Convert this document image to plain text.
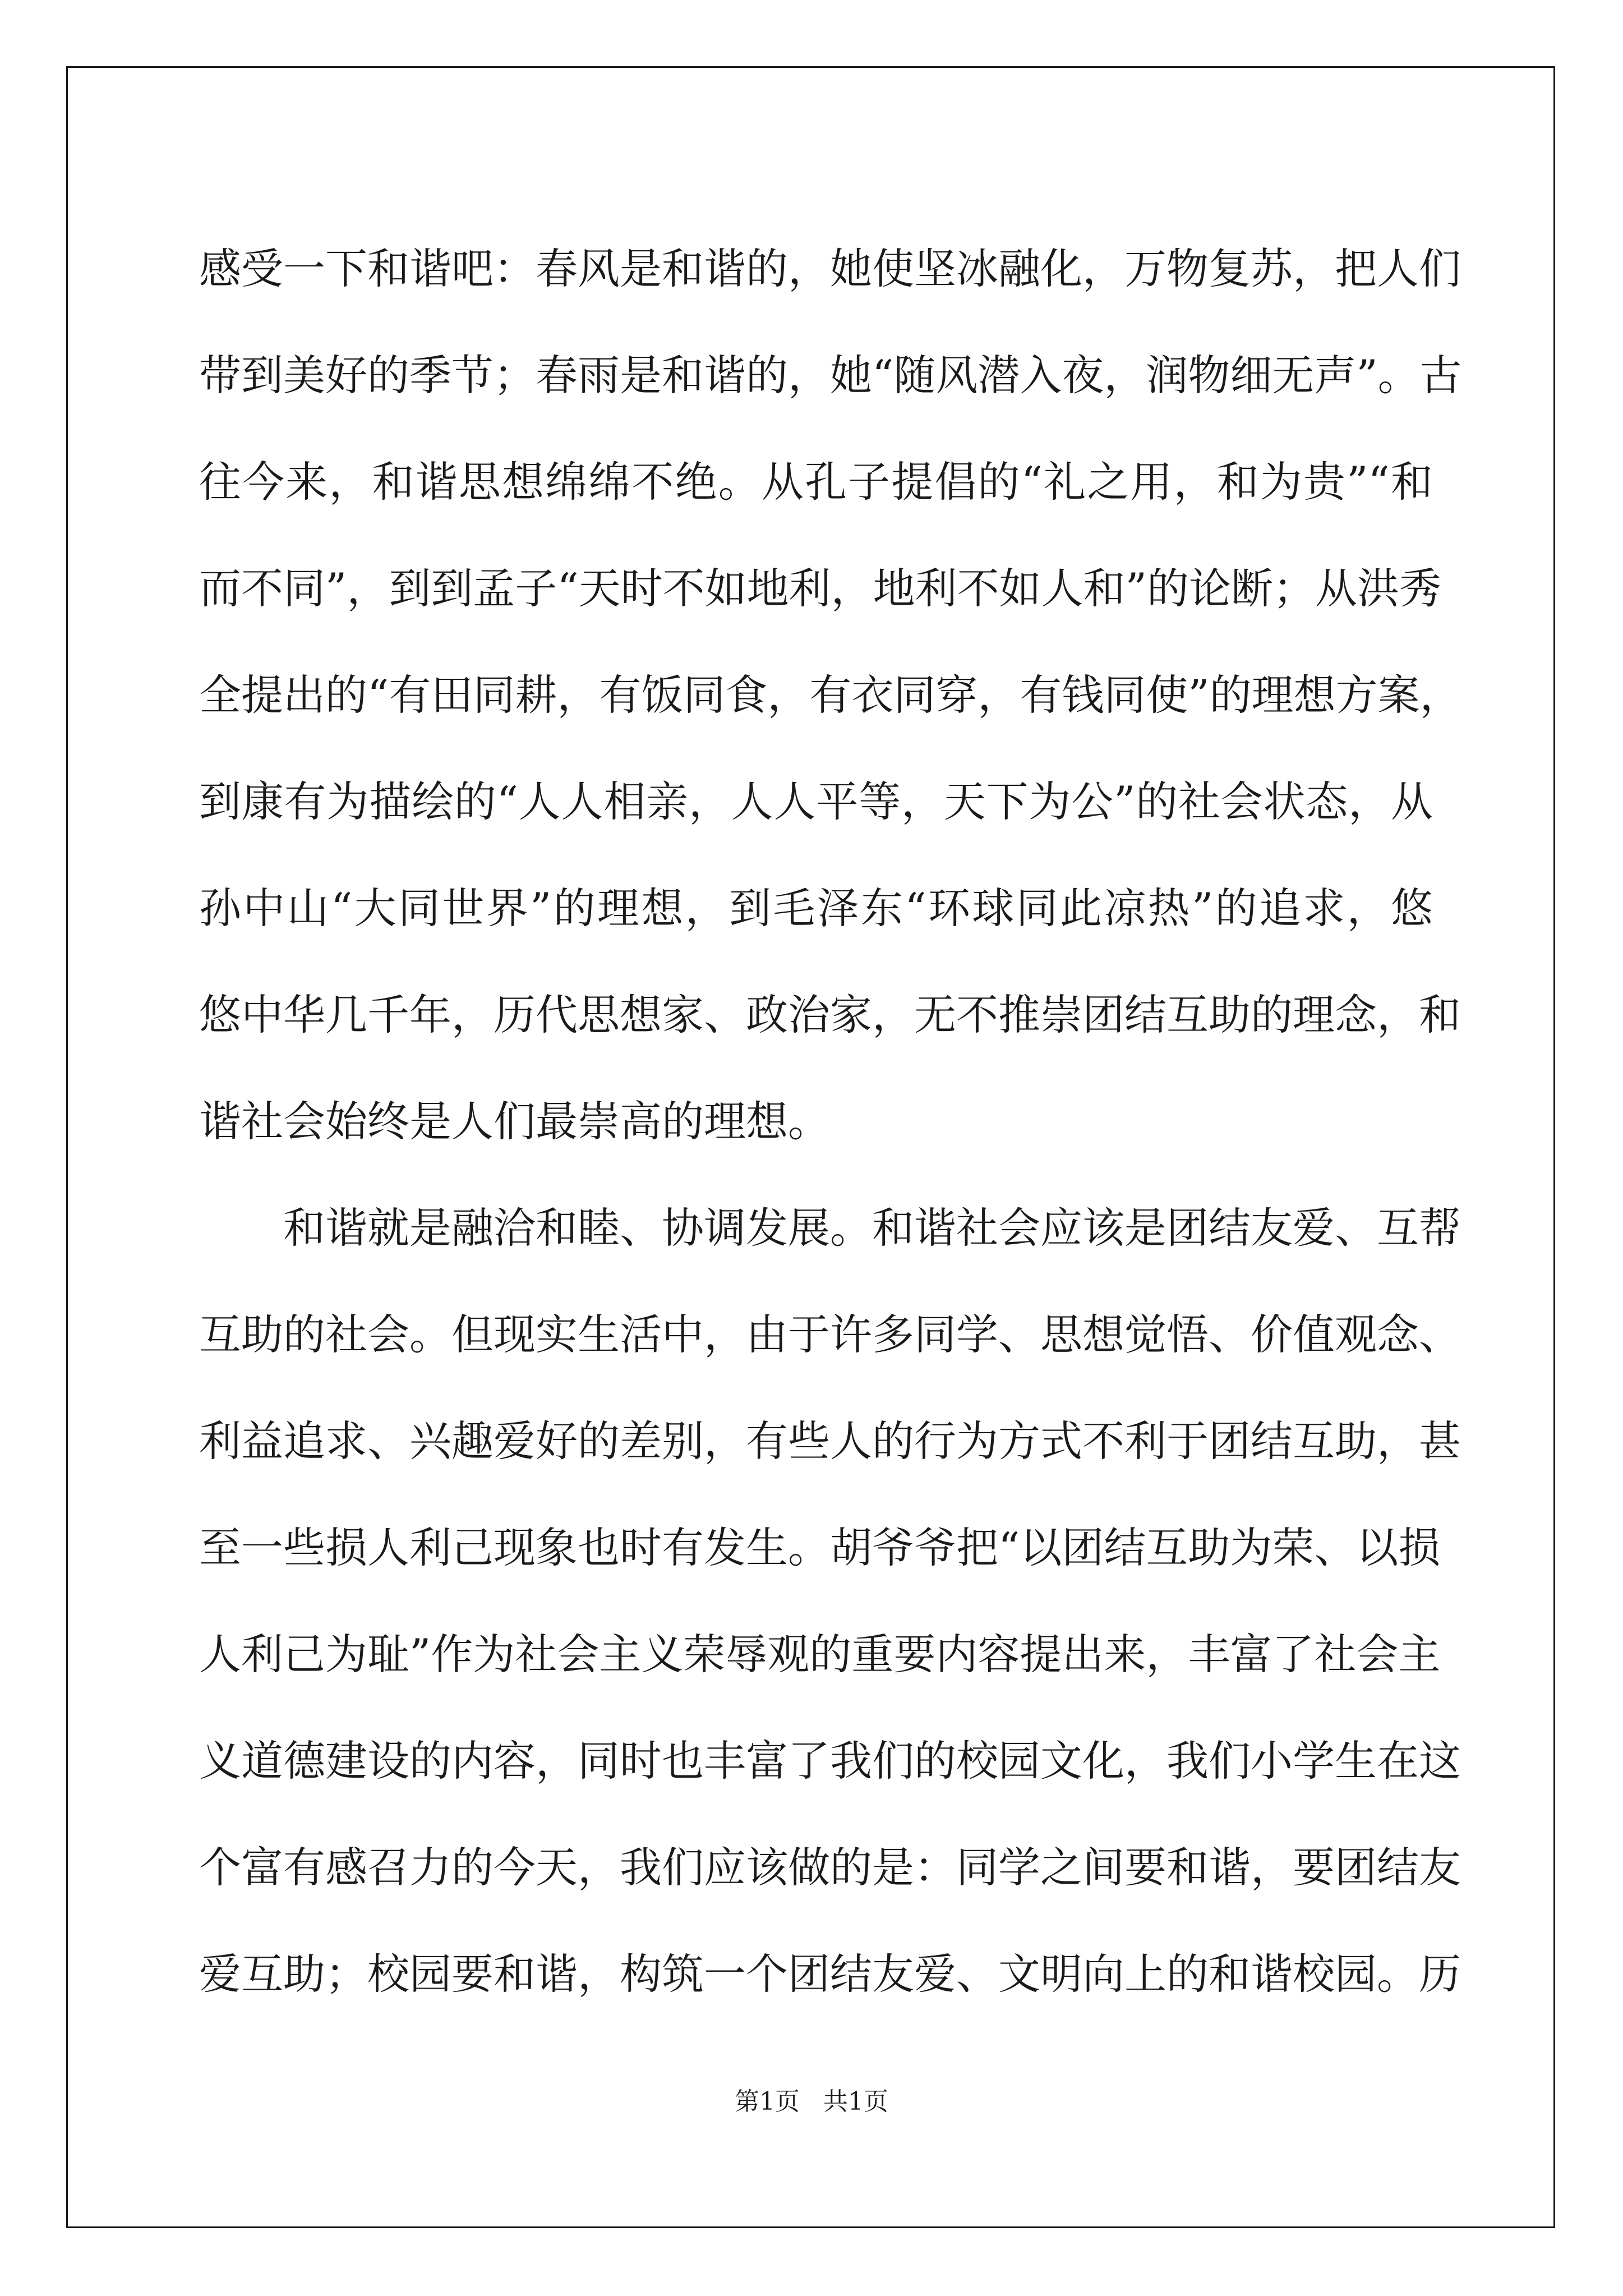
感受一下和谐吧：春风是和谐的，她使坚冰融化，万物复苏，把人们
带到美好的季节；春雨是和谐的，她“随风潜入夜，润物细无声”。古
往今来，和谐思想绵绵不绝。从孔子提倡的“礼之用，和为贵”“和
而不同”，到到孟子“天时不如地利，地利不如人和”的论断；从洪秀
全提出的“有田同耕，有饭同食，有衣同穿，有钱同使”的理想方案，
到康有为描绘的“人人相亲，人人平等，天下为公”的社会状态，从
孙中山“大同世界”的理想，到毛泽东“环球同此凉热”的追求，悠
悠中华几千年，历代思想家、政治家，无不推崇团结互助的理念，和
谐社会始终是人们最崇高的理想。
　　和谐就是融洽和睦、协调发展。和谐社会应该是团结友爱、互帮
互助的社会。但现实生活中，由于许多同学、思想觉悟、价值观念、
利益追求、兴趣爱好的差别，有些人的行为方式不利于团结互助，甚
至一些损人利己现象也时有发生。胡爷爷把“以团结互助为荣、以损
人利己为耻”作为社会主义荣辱观的重要内容提出来，丰富了社会主
义道德建设的内容，同时也丰富了我们的校园文化，我们小学生在这
个富有感召力的今天，我们应该做的是：同学之间要和谐，要团结友
爱互助；校园要和谐，构筑一个团结友爱、文明向上的和谐校园。历
第1页 共1页
